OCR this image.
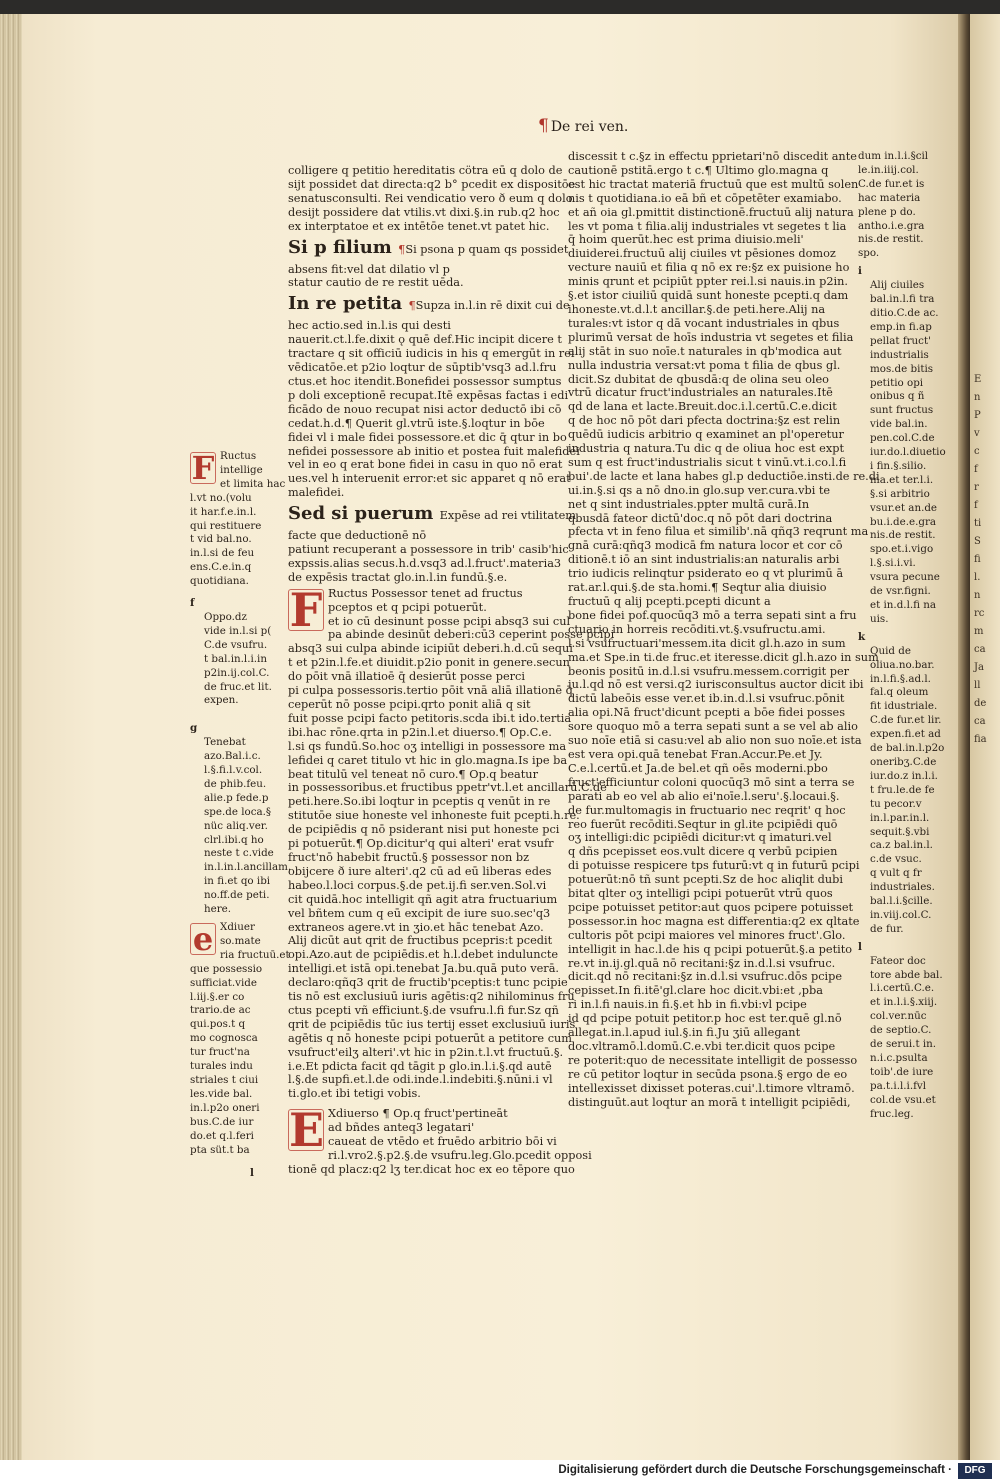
¶ De rei ven.
F Ructus
intellige
et limita hac
l.vt no.(volu
it har.f.e.in.l.
qui restituere
t vid bal.no.
in.l.si de feu
ens.C.e.in.q
quotidiana.
f
Oppo.dz
vide in.l.si p(
C.de vsufru.
t bal.in.l.i.in
p2in.ij.col.C.
de fruc.et lit.
expen.
g
Tenebat
azo.Bal.i.c.
l.§.fi.l.v.col.
de phib.feu.
alie.p fede.p
spe.de loca.§
nüc aliq.ver.
clrl.ibi.q ho
neste t c.vide
in.l.in.l.ancillam.
in fi.et qo ibi
no.ff.de peti.
here.
e Xdiuer
so.mate
ria fructuū.et
que possessio
sufficiat.vide
l.iij.§.er co
trario.de ac
qui.pos.t q
mo cognosca
tur fruct'na
turales indu
striales t ciui
les.vide bal.
in.l.p2o oneri
bus.C.de iur
do.et q.l.feri
pta süt.t ba
l
colligere q petitio hereditatis cötra eū q dolo de
sijt possidet dat directa:q2 b° pcedit ex dispositōe
senatusconsulti. Rei vendicatio vero ð eum q dolo
desijt possidere dat vtilis.vt dixi.§.in rub.q2 hoc
ex interptatoe et ex intētōe tenet.vt patet hic.
Si p filium ¶Si psona p quam qs possidet
absens fit:vel dat dilatio vl p
statur cautio de re restit uēda.
In re petita ¶Supza in.l.in rē dixit cui de
hec actio.sed in.l.is qui desti
nauerit.ct.l.fe.dixit ǫ quē def.Hic incipit dicere t
tractare q sit officiū iudicis in his q emergūt in rei
vēdicatōe.et p2io loqtur de sūptib'vsq3 ad.l.fru
ctus.et hoc itendit.Bonefidei possessor sumptus
p doli exceptionē recupat.Itē expēsas factas i edi
ficādo de nouo recupat nisi actor deductō ibi cō
cedat.h.d.¶ Querit gl.vtrū iste.§.loqtur in bōe
fidei vl i male fidei possessore.et dic q̄ qtur in bo
nefidei possessore ab initio et postea fuit malefidei
vel in eo q erat bone fidei in casu in quo nō erat
ues.vel h interuenit error:et sic apparet q nō erat
malefidei.
Sed si puerum Expēse ad rei vtilitatem
facte que deductionē nō
patiunt recuperant a possessore in trib' casib'hic
expssis.alias secus.h.d.vsq3 ad.l.fruct'.materia3
de expēsis tractat glo.in.l.in fundū.§.e.
F Ructus Possessor tenet ad fructus
pceptos et q pcipi potuerūt.
et io cū desinunt posse pcipi absq3 sui cul
pa abinde desinūt deberi:cū3 ceperint posse pcipi
absq3 sui culpa abinde icipiūt deberi.h.d.cū sequi
t et p2in.l.fe.et diuidit.p2io ponit in genere.secun
do pōit vnā illatioē q̄ desierūt posse perci
pi culpa possessoris.tertio pōit vnā aliā illationē q̄
ceperūt nō posse pcipi.qrto ponit aliā q sit
fuit posse pcipi facto petitoris.scda ibi.t ido.tertia
ibi.hac rōne.qrta in p2in.l.et diuerso.¶ Op.C.e.
l.si qs fundū.So.hoc oʒ intelligi in possessore ma
lefidei q caret titulo vt hic in glo.magna.Is ipe ba
beat titulū vel teneat nō curo.¶ Op.q beatur
in possessoribus.et fructibus ppetr'vt.l.et ancillarū.C.de
peti.here.So.ibi loqtur in pceptis q venūt in re
stitutōe siue honeste vel inhoneste fuit pcepti.h.re.
de pcipiēdis q nō psiderant nisi put honeste pci
pi potuerūt.¶ Op.dicitur'q qui alteri' erat vsufr
fruct'nō habebit fructū.§ possessor non bz
obijcere ð iure alteri'.q2 cū ad eū liberas edes
habeo.l.loci corpus.§.de pet.ij.fi ser.ven.Sol.vi
cit quidā.hoc intelligit qñ agit atra fructuarium
vel bñtem cum q eū excipit de iure suo.sec'q3
extraneos agere.vt in ʒio.et hāc tenebat Azo.
Alij dicūt aut qrit de fructibus pcepris:t pcedit
opi.Azo.aut de pcipiēdis.et h.l.debet induluncte
intelligi.et istā opi.tenebat Ja.bu.quā puto verā.
declaro:qñq3 qrit de fructib'pceptis:t tunc pcipie
tis nō est exclusiuū iuris agētis:q2 nihilominus fru
ctus pcepti vñ efficiunt.§.de vsufru.l.fi fur.Sz qñ
qrit de pcipiēdis tūc ius tertij esset exclusiuū iuris
agētis q nō honeste pcipi potuerūt a petitore cum
vsufruct'eilʒ alteri'.vt hic in p2in.t.l.vt fructuū.§.
i.e.Et pdicta facit qd tāgit p glo.in.l.i.§.qd autē
l.§.de supfi.et.l.de odi.inde.l.indebiti.§.nūni.i vl
ti.glo.et ibi tetigi vobis.
E Xdiuerso ¶ Op.q fruct'pertineāt
ad bñdes anteq3 legatari'
caueat de vtēdo et fruēdo arbitrio bōi vi
ri.l.vro2.§.p2.§.de vsufru.leg.Glo.pcedit opposi
tionē qd placz:q2 lʒ ter.dicat hoc ex eo tēpore quo
discessit t c.§z in effectu pprietari'nō discedit ante
cautionē pstitā.ergo t c.¶ Ultimo glo.magna q
est hic tractat materiā fructuū que est multū solen
nis t quotidiana.io eā bñ et cōpetēter examiabo.
et añ oia gl.pmittit distinctionē.fructuū alij natura
les vt poma t filia.alij industriales vt segetes t lia
q̄ hoim querūt.hec est prima diuisio.meli'
diuiderei.fructuū alij ciuiles vt pēsiones domoz
vecture nauiū et filia q nō ex re:§z ex puisione ho
minis qrunt et pcipiūt ppter rei.l.si nauis.in p2in.
§.et istor ciuiliū quidā sunt honeste pcepti.q dam
ihoneste.vt.d.l.t ancillar.§.de peti.here.Alij na
turales:vt istor q dā vocant industriales in qbus
plurimū versat de hoīs industria vt segetes et filia
alij stāt in suo noīe.t naturales in qb'modica aut
nulla industria versat:vt poma t filia de qbus gl.
dicit.Sz dubitat de qbusdā:q de olina seu oleo
vtrū dicatur fruct'industriales an naturales.Itē
qd de lana et lacte.Breuit.doc.i.l.certū.C.e.dicit
q de hoc nō pōt dari pfecta doctrina:§z est relin
quēdū iudicis arbitrio q examinet an pl'operetur
industria q natura.Tu dic q de oliua hoc est expt
sum q est fruct'industrialis sicut t vinū.vt.i.co.l.fi
bui'.de lacte et lana habes gl.p deductiōe.insti.de re.di
ui.in.§.si qs a nō dno.in glo.sup ver.cura.vbi te
net q sint industriales.ppter multā curā.In
qbusdā fateor dictū'doc.q nō pōt dari doctrina
pfecta vt in feno filua et similib'.nā qñq3 reqrunt ma
gnā curā:qñq3 modicā fm natura locor et cor cō
ditionē.t iō an sint industrialis:an naturalis arbi
trio iudicis relinqtur psiderato eo q vt plurimū ā
rat.ar.l.qui.§.de sta.homi.¶ Seqtur alia diuisio
fructuū q alij pcepti.pcepti dicunt a
bone fidei pof.quocūq3 mō a terra sepati sint a fru
ctuario in horreis recōditi.vt.§.vsufructu.ami.
l.si vsufructuari'messem.ita dicit gl.h.azo in sum
ma.et Spe.in ti.de fruc.et iteresse.dicit gl.h.azo in sum
beonis positū in.d.l.si vsufru.messem.corrigit per
iu.l.qd nō est versi.q2 iurisconsultus auctor dicit ibi
dictū labeōis esse ver.et ib.in.d.l.si vsufruc.pōnit
alia opi.Nā fruct'dicunt pcepti a bōe fidei posses
sore quoquo mō a terra sepati sunt a se vel ab alio
suo noīe etiā si casu:vel ab alio non suo noīe.et ista
est vera opi.quā tenebat Fran.Accur.Pe.et Jy.
C.e.l.certū.et Ja.de bel.et qñ oēs moderni.pbo
fruct'efficiuntur coloni quocūq3 mō sint a terra se
parati ab eo vel ab alio ei'noīe.l.seru'.§.locaui.§.
de fur.multomagis in fructuario nec reqrit' q hoc
reo fuerūt recōditi.Seqtur in gl.ite pcipiēdi quō
oʒ intelligi:dic pcipiēdi dicitur:vt q imaturi.vel
q dñs pcepisset eos.vult dicere q verbū pcipien
di potuisse respicere tps futurū:vt q in futurū pcipi
potuerūt:nō tñ sunt pcepti.Sz de hoc aliqlit dubi
bitat qlter oʒ intelligi pcipi potuerūt vtrū quos
pcipe potuisset petitor:aut quos pcipere potuisset
possessor.in hoc magna est differentia:q2 ex qltate
cultoris pōt pcipi maiores vel minores fruct'.Glo.
intelligit in hac.l.de his q pcipi potuerūt.§.a petito
re.vt in.ij.gl.quā nō recitani:§z in.d.l.si vsufruc.
dicit.qd nō recitani:§z in.d.l.si vsufruc.dōs pcipe
cepisset.In fi.itē'gl.clare hoc dicit.vbi:et ,pba
ri in.l.fi nauis.in fi.§.et hb in fi.vbi:vl pcipe
id qd pcipe potuit petitor.p hoc est ter.quē gl.nō
allegat.in.l.apud iul.§.in fi.Ju ʒiū allegant
doc.vltramō.l.domū.C.e.vbi ter.dicit quos pcipe
re poterit:quo de necessitate intelligit de possesso
re cū petitor loqtur in secūda psona.§ ergo de eo
intellexisset dixisset poteras.cui'.l.timore vltramō.
distinguūt.aut loqtur an morā t intelligit pcipiēdi,
dum in.l.i.§cil
le.in.iiij.col.
C.de fur.et is
hac materia
plene p do.
antho.i.e.gra
nis.de restit.
spo.
i
Alij ciuiles
bal.in.l.fi tra
ditio.C.de ac.
emp.in fi.ap
pellat fruct'
industrialis
mos.de bitis
petitio opi
onibus q ñ
sunt fructus
vide bal.in.
pen.col.C.de
iur.do.l.diuetio
i fin.§.silio.
ma.et ter.l.i.
§.si arbitrio
vsur.et an.de
bu.i.de.e.gra
nis.de restit.
spo.et.i.vigo
l.§.si.i.vi.
vsura pecune
de vsr.figni.
et in.d.l.fi na
uis.
k
Quid de
oliua.no.bar.
in.l.fi.§.ad.l.
fal.q oleum
fit idustriale.
C.de fur.et lir.
expen.fi.et ad
de bal.in.l.p2o
oneribʒ.C.de
iur.do.z in.l.i.
t fru.le.de fe
tu pecor.v
in.l.par.in.l.
sequit.§.vbi
ca.z bal.in.l.
c.de vsuc.
q vult q fr
industriales.
bal.l.i.§cille.
in.viij.col.C.
de fur.
l
Fateor doc
tore abde bal.
l.i.certū.C.e.
et in.l.i.§.xiij.
col.ver.nūc
de septio.C.
de serui.t in.
n.i.c.psulta
toib'.de iure
pa.t.i.l.i.fvl
col.de vsu.et
fruc.leg.
E
n
P
v
c
f
r
f
ti
S
fi
l.
n
rc
m
ca
Ja
ll
de
ca
fia
Digitalisierung gefördert durch die Deutsche Forschungsgemeinschaft ·	DFG
